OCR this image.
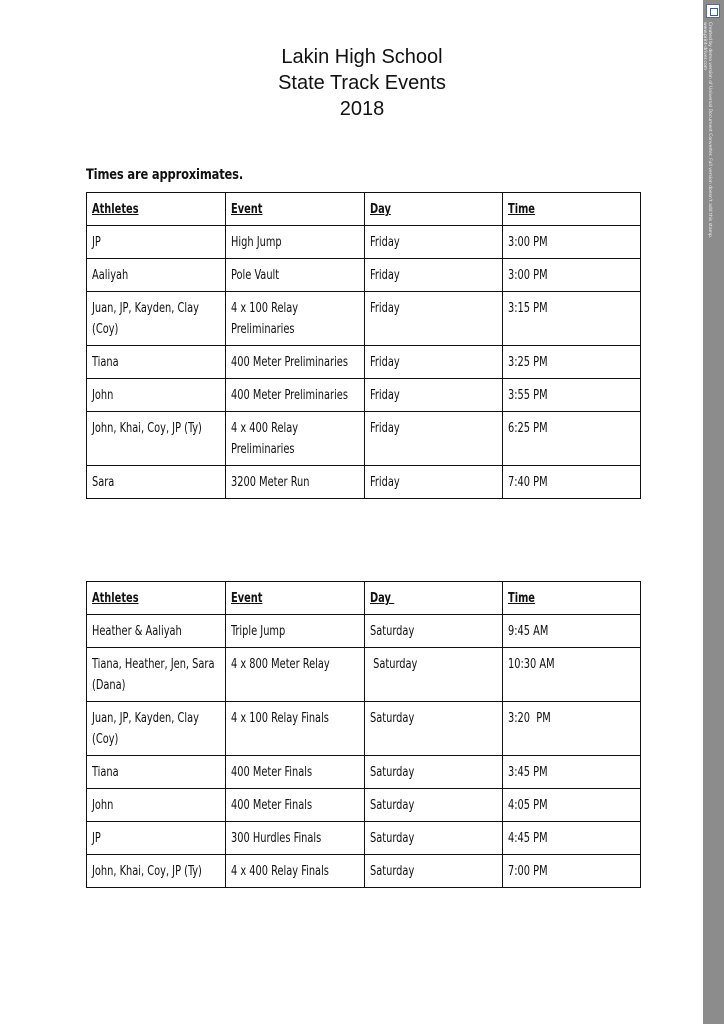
Lakin High School
State Track Events
2018
Times are approximates.
Athletes	Event	Day	Time

JP	High Jump	Friday	3:00 PM

Aaliyah	Pole Vault	Friday	3:00 PM

Juan, JP, Kayden, Clay (Coy)	4 x 100 Relay Preliminaries	Friday	3:15 PM

Tiana	400 Meter Preliminaries	Friday	3:25 PM

John	400 Meter Preliminaries	Friday	3:55 PM

John, Khai, Coy, JP (Ty)	4 x 400 Relay Preliminaries	Friday	6:25 PM

Sara	3200 Meter Run	Friday	7:40 PM
Athletes	Event	Day	Time

Heather & Aaliyah	Triple Jump	Saturday	9:45 AM

Tiana, Heather, Jen, Sara (Dana)	4 x 800 Meter Relay	Saturday	10:30 AM

Juan, JP, Kayden, Clay (Coy)	4 x 100 Relay Finals	Saturday	3:20  PM

Tiana	400 Meter Finals	Saturday	3:45 PM

John	400 Meter Finals	Saturday	4:05 PM

JP	300 Hurdles Finals	Saturday	4:45 PM

John, Khai, Coy, JP (Ty)	4 x 400 Relay Finals	Saturday	7:00 PM
Created by demo version of Universal Document Converter. Full version doesn't add this stamp.
www.print-driver.com
